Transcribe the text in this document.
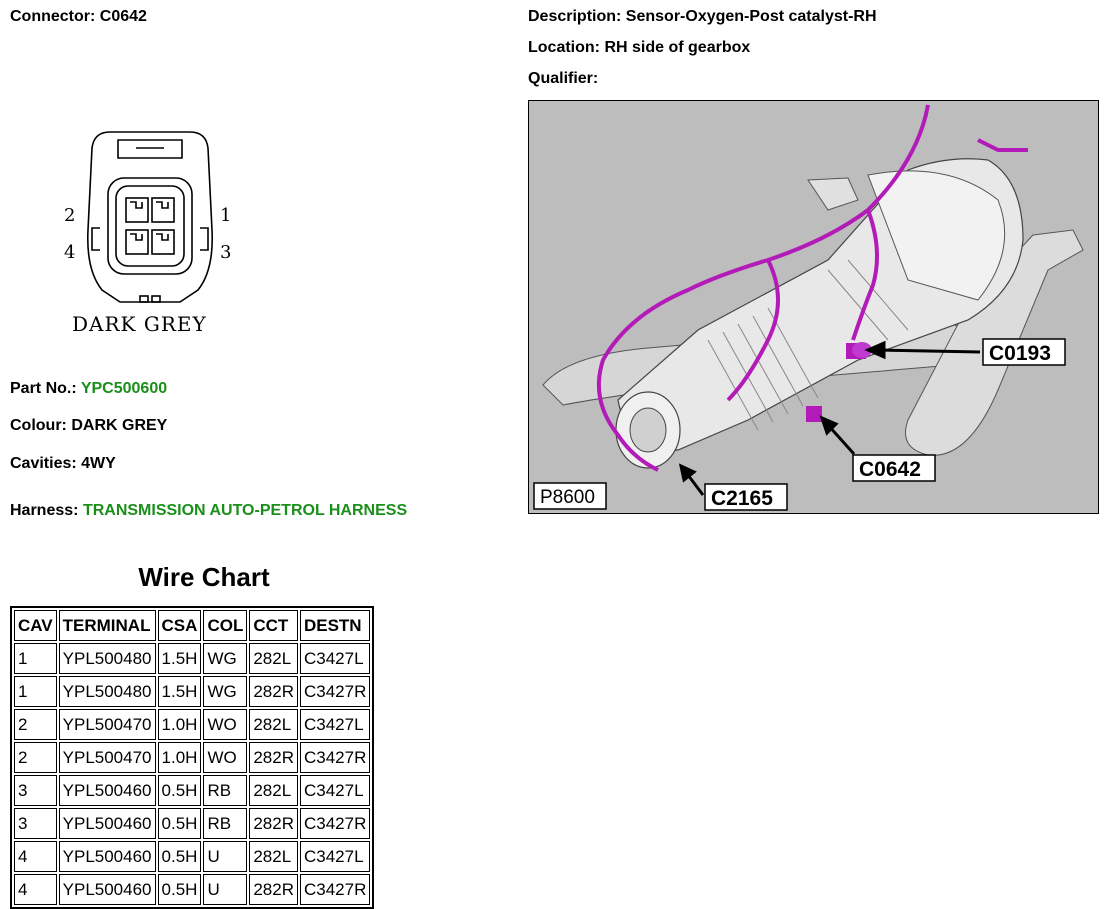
Connector: C0642	Description: Sensor-Oxygen-Post catalyst-RH
Location: RH side of gearbox
Qualifier:
2	1
4	3
DARK GREY
Part No.: YPC500600
Colour: DARK GREY
Cavities: 4WY
Harness: TRANSMISSION AUTO-PETROL HARNESS
Wire Chart
CAV	TERMINAL	CSA	COL	CCT	DESTN
1	YPL500480	1.5H	WG	282L	C3427L
1	YPL500480	1.5H	WG	282R	C3427R
2	YPL500470	1.0H	WO	282L	C3427L
2	YPL500470	1.0H	WO	282R	C3427R
3	YPL500460	0.5H	RB	282L	C3427L
3	YPL500460	0.5H	RB	282R	C3427R
4	YPL500460	0.5H	U	282L	C3427L
4	YPL500460	0.5H	U	282R	C3427R
C0193
C0642
C2165
P8600
